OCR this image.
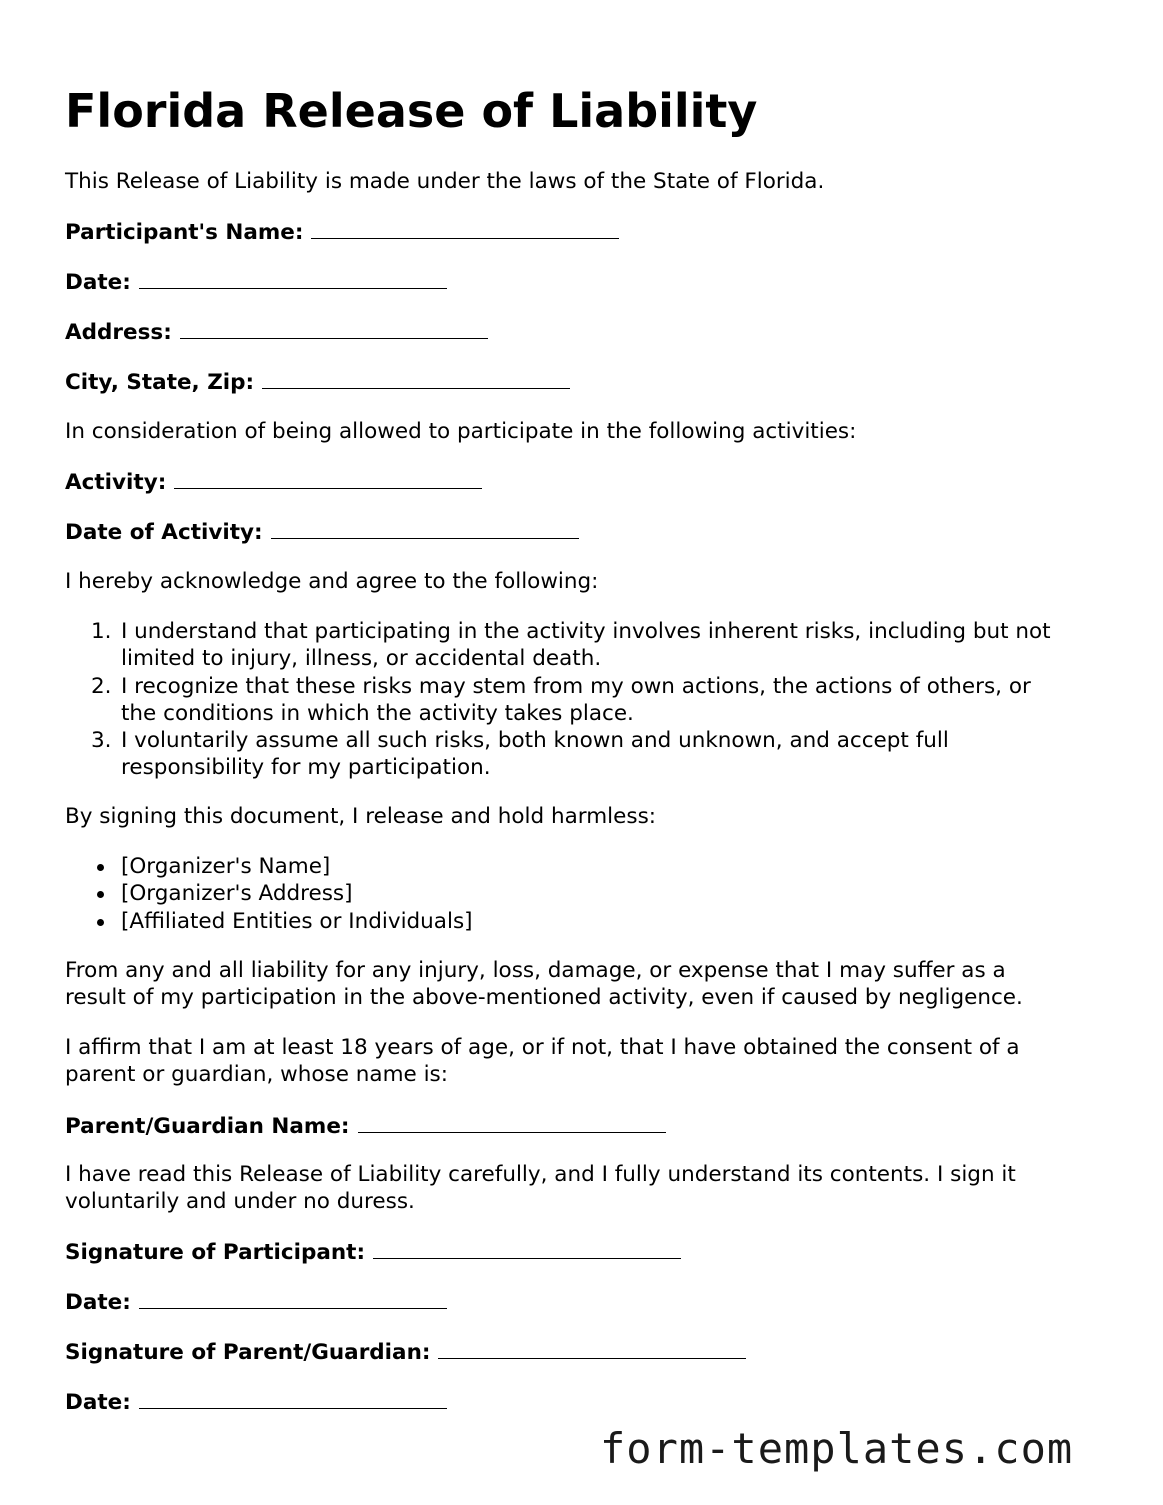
Florida Release of Liability

This Release of Liability is made under the laws of the State of Florida.

Participant's Name:

Date:

Address:

City, State, Zip:

In consideration of being allowed to participate in the following activities:

Activity:

Date of Activity:

I hereby acknowledge and agree to the following:

1. I understand that participating in the activity involves inherent risks, including but not
limited to injury, illness, or accidental death.
2. I recognize that these risks may stem from my own actions, the actions of others, or
the conditions in which the activity takes place.
3. I voluntarily assume all such risks, both known and unknown, and accept full
responsibility for my participation.

By signing this document, I release and hold harmless:

[Organizer's Name]
[Organizer's Address]
[Affiliated Entities or Individuals]
From any and all liability for any injury, loss, damage, or expense that I may suffer as a
result of my participation in the above-mentioned activity, even if caused by negligence.
I affirm that I am at least 18 years of age, or if not, that I have obtained the consent of a
parent or guardian, whose name is:

Parent/Guardian Name:

I have read this Release of Liability carefully, and I fully understand its contents. I sign it
voluntarily and under no duress.

Signature of Participant:

Date:

Signature of Parent/Guardian:

Date:

form-templates.com
